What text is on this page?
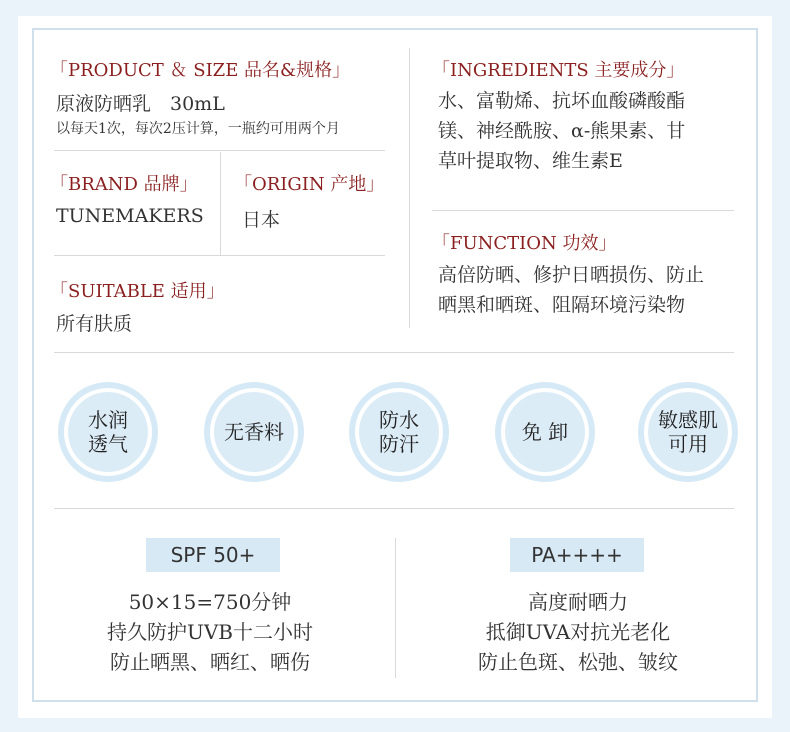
「PRODUCT ＆ SIZE 品名&规格」
原液防晒乳　30mL
以每天1次，每次2压计算，一瓶约可用两个月
「BRAND 品牌」
TUNEMAKERS
「ORIGIN 产地」
日本
「SUITABLE 适用」
所有肤质
「INGREDIENTS 主要成分」
水、富勒烯、抗坏血酸磷酸酯
镁、神经酰胺、α-熊果素、甘
草叶提取物、维生素E
「FUNCTION 功效」
高倍防晒、修护日晒损伤、防止
晒黑和晒斑、阻隔环境污染物
水润
透气	无香料	防水
防汗	免 卸	敏感肌
可用
SPF 50+
50×15=750分钟
持久防护UVB十二小时
防止晒黑、晒红、晒伤
PA++++
高度耐晒力
抵御UVA对抗光老化
防止色斑、松弛、皱纹
